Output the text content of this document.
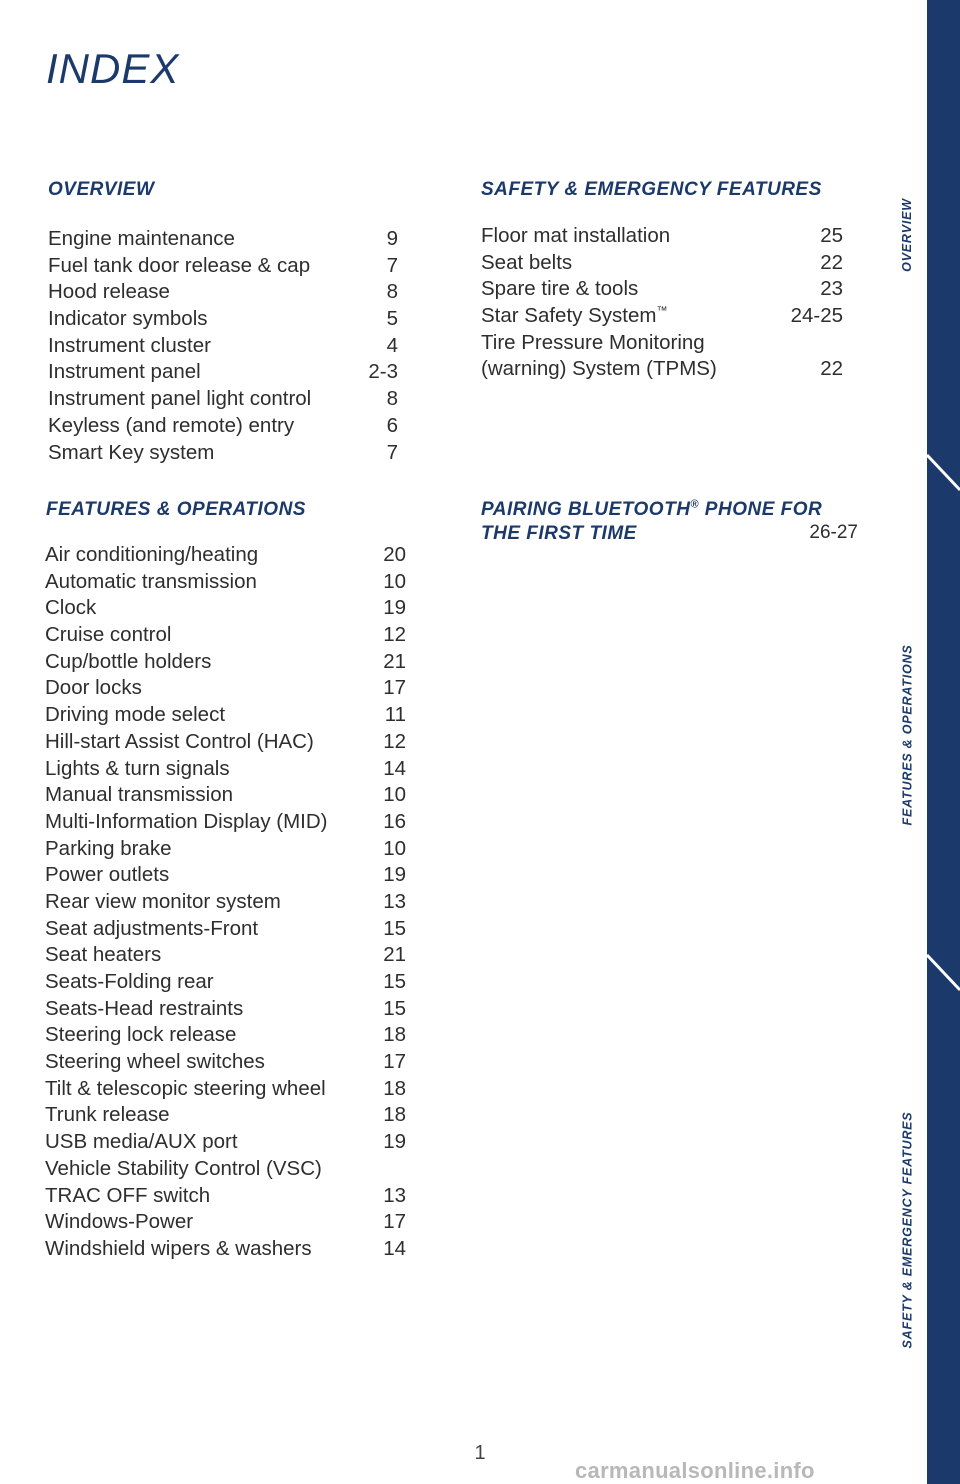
INDEX
OVERVIEW
Engine maintenance	9
Fuel tank door release & cap	7
Hood release	8
Indicator symbols	5
Instrument cluster	4
Instrument panel	2-3
Instrument panel light control	8
Keyless (and remote) entry	6
Smart Key system	7
FEATURES & OPERATIONS
Air conditioning/heating	20
Automatic transmission	10
Clock	19
Cruise control	12
Cup/bottle holders	21
Door locks	17
Driving mode select	11
Hill-start Assist Control (HAC)	12
Lights & turn signals	14
Manual transmission	10
Multi-Information Display (MID)	16
Parking brake	10
Power outlets	19
Rear view monitor system	13
Seat adjustments-Front	15
Seat heaters	21
Seats-Folding rear	15
Seats-Head restraints	15
Steering lock release	18
Steering wheel switches	17
Tilt & telescopic steering wheel	18
Trunk release	18
USB media/AUX port	19
Vehicle Stability Control (VSC)
TRAC OFF switch	13
Windows-Power	17
Windshield wipers & washers	14
SAFETY & EMERGENCY FEATURES
Floor mat installation	25
Seat belts	22
Spare tire & tools	23
Star Safety System™	24-25
Tire Pressure Monitoring
(warning) System (TPMS)	22
PAIRING BLUETOOTH® PHONE FOR
THE FIRST TIME	26-27
OVERVIEW
FEATURES & OPERATIONS
SAFETY & EMERGENCY FEATURES
1
carmanualsonline.info
